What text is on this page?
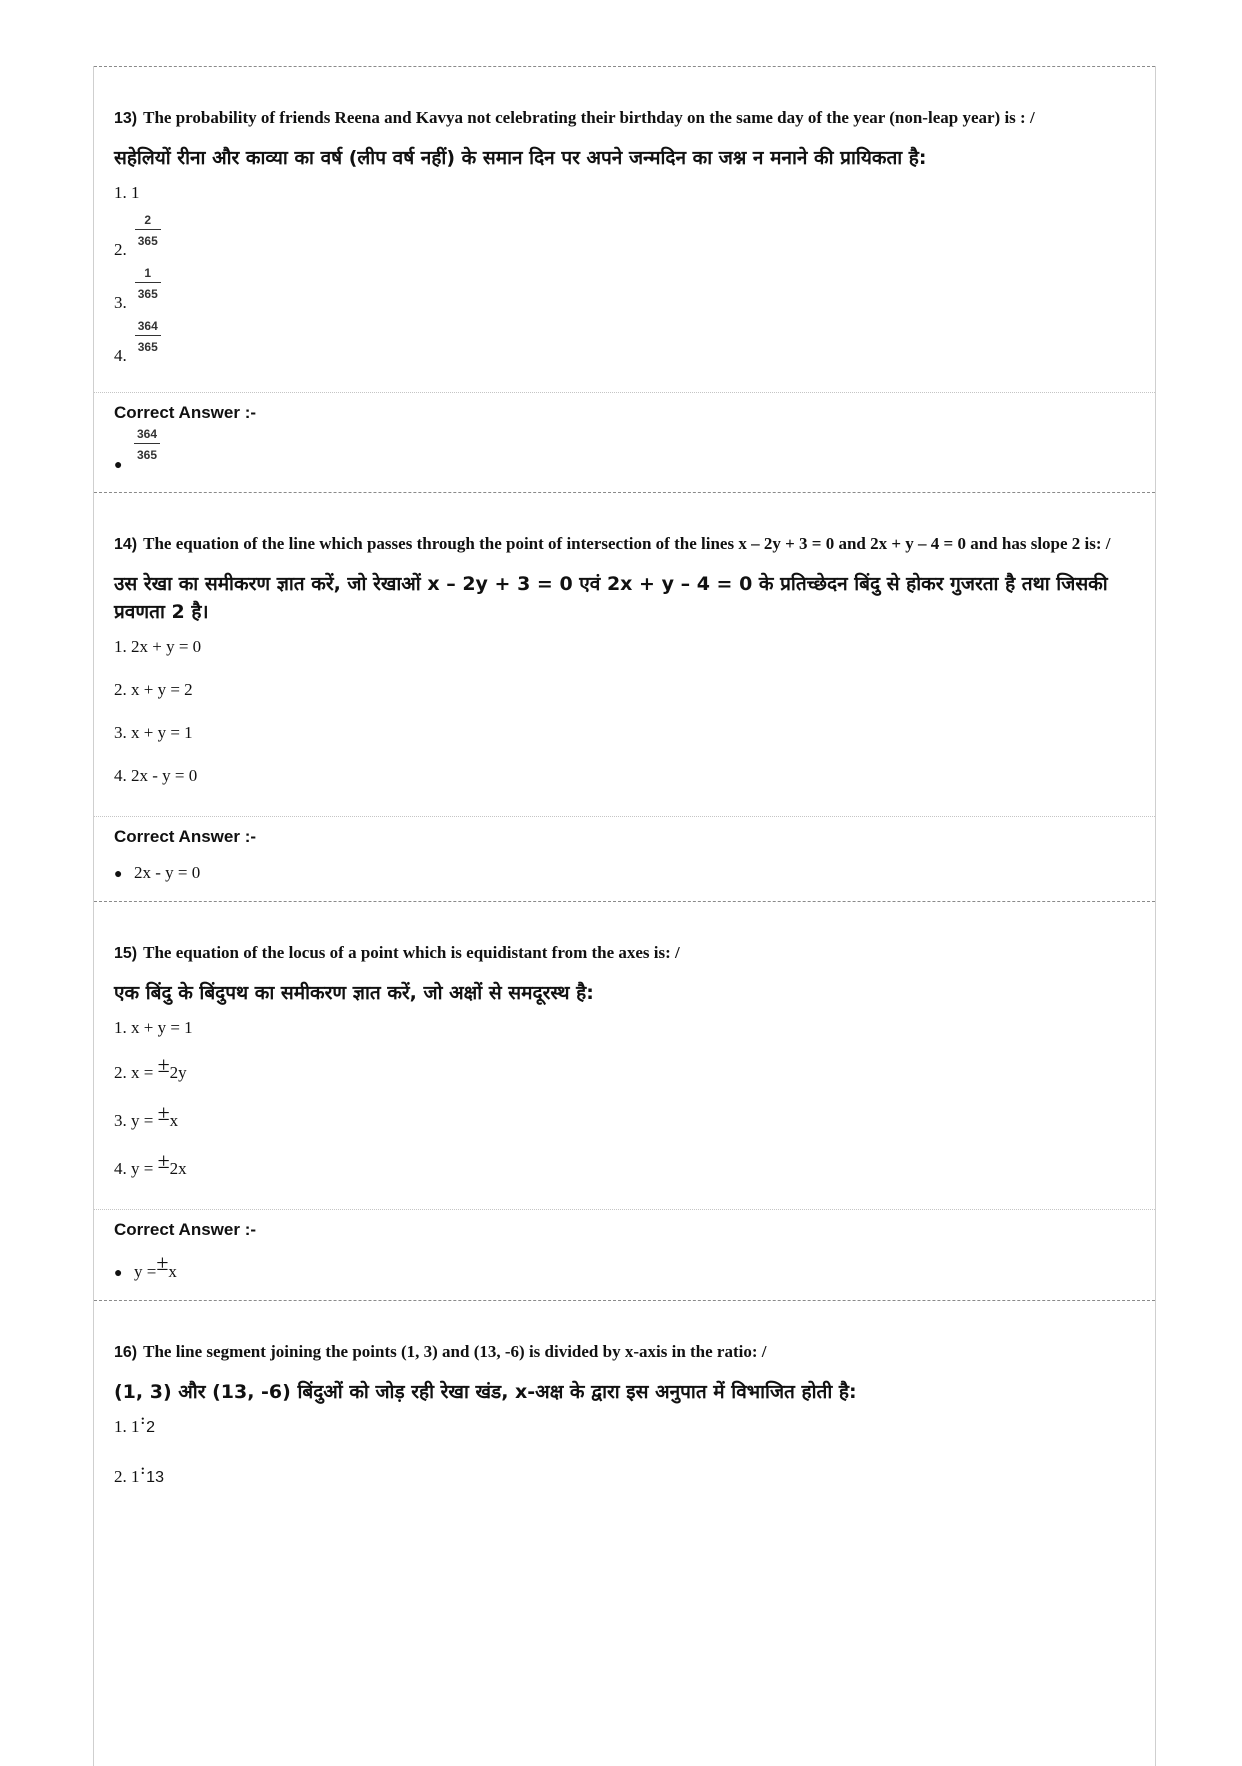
13) The probability of friends Reena and Kavya not celebrating their birthday on the same day of the year (non-leap year) is : /
सहेलियों रीना और काव्या का वर्ष (लीप वर्ष नहीं) के समान दिन पर अपने जन्मदिन का जश्न न मनाने की प्रायिकता है:
1. 1
2.
$\frac{2}{365}$
3.
$\frac{1}{365}$
4.
$\frac{364}{365}$
Correct Answer :-
●
$\frac{364}{365}$
14) The equation of the line which passes through the point of intersection of the lines x – 2y + 3 = 0 and 2x + y – 4 = 0 and has slope 2 is: /
उस रेखा का समीकरण ज्ञात करें, जो रेखाओं x – 2y + 3 = 0 एवं 2x + y – 4 = 0 के प्रतिच्छेदन बिंदु से होकर गुजरता है तथा जिसकी प्रवणता 2 है।
1. 2x + y = 0
2. x + y = 2
3. x + y = 1
4. 2x - y = 0
Correct Answer :-
● 2x - y = 0
15) The equation of the locus of a point which is equidistant from the axes is: /
एक बिंदु के बिंदुपथ का समीकरण ज्ञात करें, जो अक्षों से समदूरस्थ है:
1. x + y = 1
2. x = ±2y
3. y = ±x
4. y = ±2x
Correct Answer :-
● y = ± x
16) The line segment joining the points (1, 3) and (13, -6) is divided by x-axis in the ratio: /
(1, 3) और (13, -6) बिंदुओं को जोड़ रही रेखा खंड, x-अक्ष के द्वारा इस अनुपात में विभाजित होती है:
1. 1:2
2. 1:13
